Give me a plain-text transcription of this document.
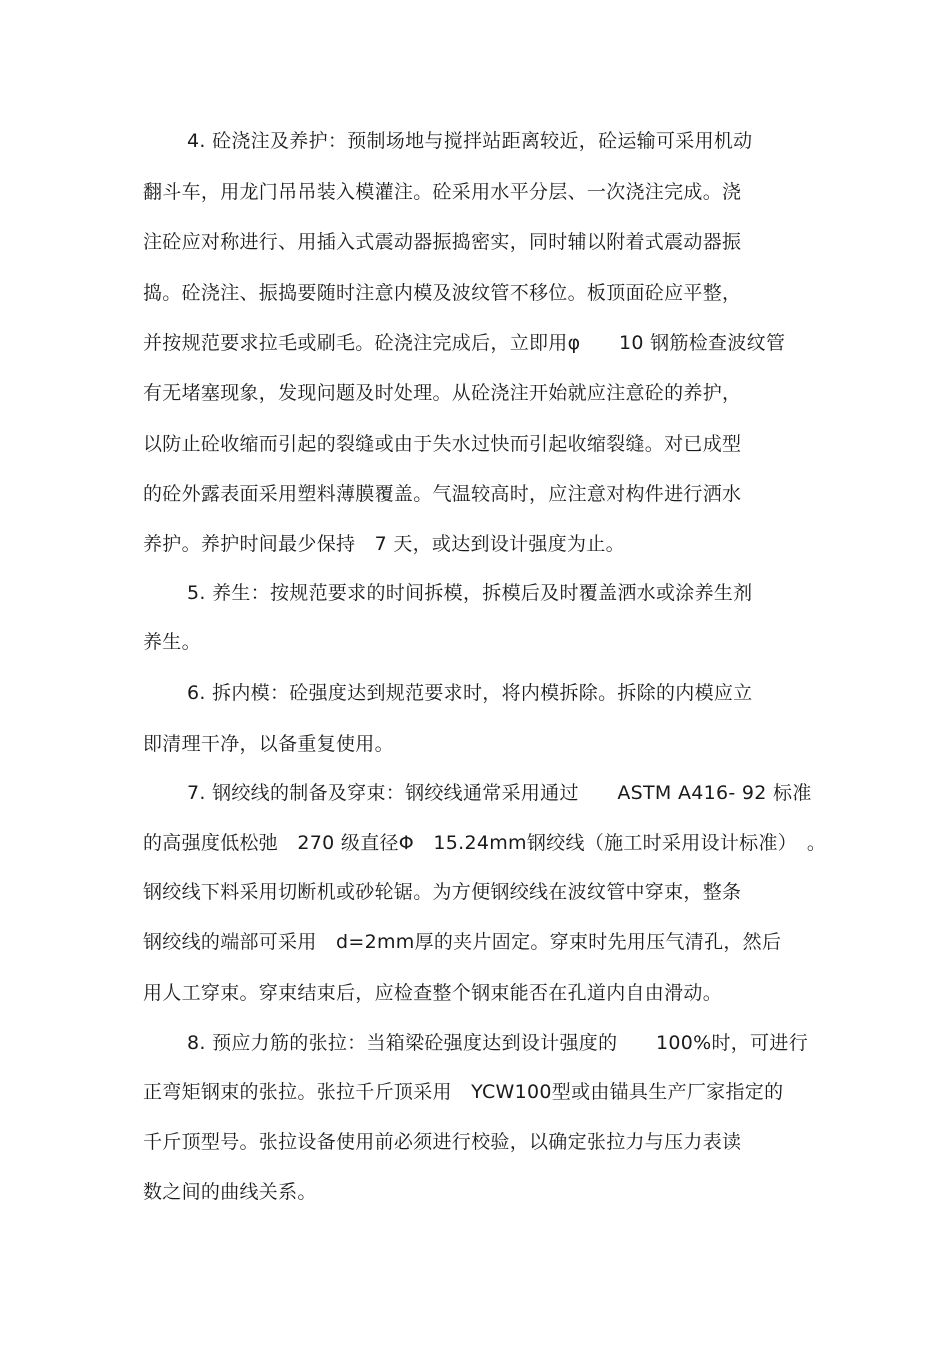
4. 砼浇注及养护：预制场地与搅拌站距离较近，砼运输可采用机动
翻斗车，用龙门吊吊装入模灌注。砼采用水平分层、一次浇注完成。浇
注砼应对称进行、用插入式震动器振捣密实，同时辅以附着式震动器振
捣。砼浇注、振捣要随时注意内模及波纹管不移位。板顶面砼应平整，
并按规范要求拉毛或刷毛。砼浇注完成后，立即用φ　　10 钢筋检查波纹管
有无堵塞现象，发现问题及时处理。从砼浇注开始就应注意砼的养护，
以防止砼收缩而引起的裂缝或由于失水过快而引起收缩裂缝。对已成型
的砼外露表面采用塑料薄膜覆盖。气温较高时，应注意对构件进行洒水
养护。养护时间最少保持　7 天，或达到设计强度为止。
5. 养生：按规范要求的时间拆模，拆模后及时覆盖洒水或涂养生剂
养生。
6. 拆内模：砼强度达到规范要求时，将内模拆除。拆除的内模应立
即清理干净，以备重复使用。
7. 钢绞线的制备及穿束：钢绞线通常采用通过　　ASTM A416- 92 标准
的高强度低松弛　270 级直径Φ　15.24mm钢绞线（施工时采用设计标准）　。
钢绞线下料采用切断机或砂轮锯。为方便钢绞线在波纹管中穿束，整条
钢绞线的端部可采用　d=2mm厚的夹片固定。穿束时先用压气清孔，然后
用人工穿束。穿束结束后，应检查整个钢束能否在孔道内自由滑动。
8. 预应力筋的张拉：当箱梁砼强度达到设计强度的　　100%时，可进行
正弯矩钢束的张拉。张拉千斤顶采用　YCW100型或由锚具生产厂家指定的
千斤顶型号。张拉设备使用前必须进行校验，以确定张拉力与压力表读
数之间的曲线关系。
